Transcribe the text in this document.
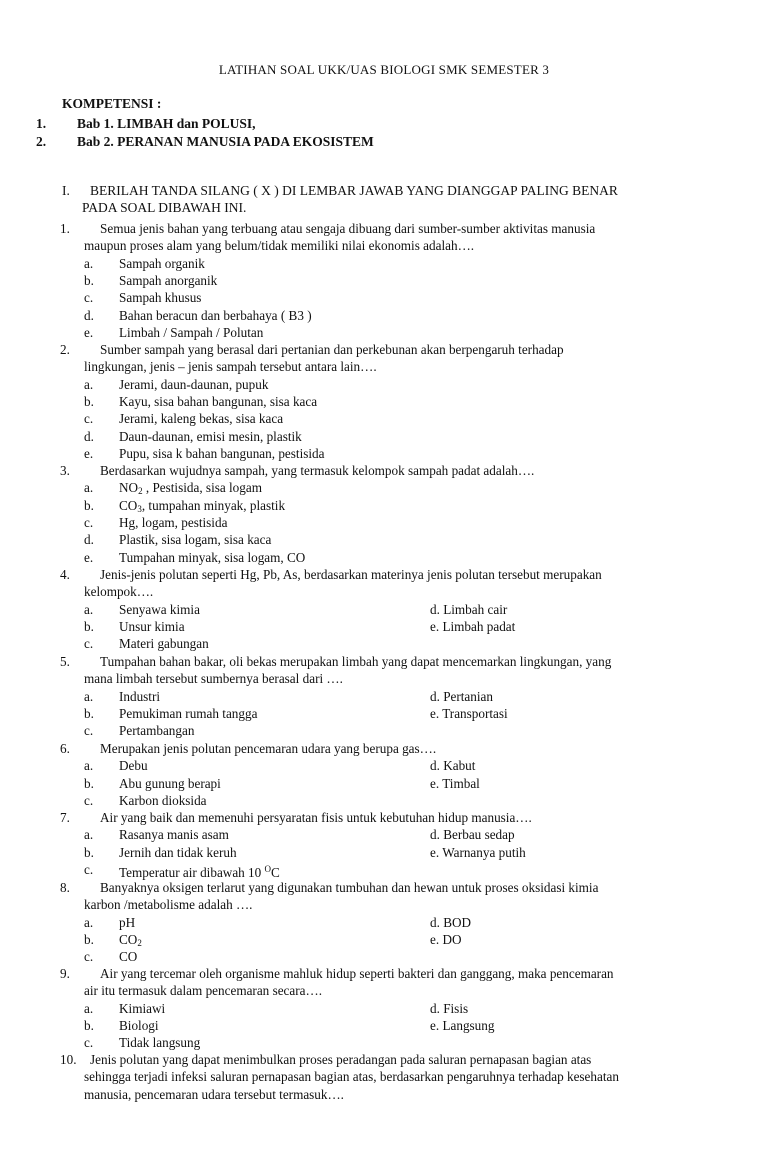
LATIHAN SOAL UKK/UAS BIOLOGI SMK SEMESTER 3
KOMPETENSI :
1. Bab 1. LIMBAH dan POLUSI,
2. Bab 2. PERANAN MANUSIA PADA EKOSISTEM
I. BERILAH TANDA SILANG ( X ) DI LEMBAR JAWAB YANG DIANGGAP PALING BENAR
PADA SOAL DIBAWAH INI.
1. Semua jenis bahan yang terbuang atau sengaja dibuang dari sumber-sumber aktivitas manusia
maupun proses alam yang belum/tidak memiliki nilai ekonomis adalah….
a. Sampah organik
b. Sampah anorganik
c. Sampah khusus
d. Bahan beracun dan berbahaya ( B3 )
e. Limbah / Sampah / Polutan
2. Sumber sampah yang berasal dari pertanian dan perkebunan akan berpengaruh terhadap
lingkungan, jenis – jenis sampah tersebut antara lain….
a. Jerami, daun-daunan, pupuk
b. Kayu, sisa bahan bangunan, sisa kaca
c. Jerami, kaleng bekas, sisa kaca
d. Daun-daunan, emisi mesin, plastik
e. Pupu, sisa k bahan bangunan, pestisida
3. Berdasarkan wujudnya sampah, yang termasuk kelompok sampah padat adalah….
a. $NO_2$ , Pestisida, sisa logam
b. $CO_3$, tumpahan minyak, plastik
c. Hg, logam, pestisida
d. Plastik, sisa logam, sisa kaca
e. Tumpahan minyak, sisa logam, CO
4. Jenis-jenis polutan seperti Hg, Pb, As, berdasarkan materinya jenis polutan tersebut merupakan
kelompok….
a. Senyawa kimia	d. Limbah cair
b. Unsur kimia	e. Limbah padat
c. Materi gabungan
5. Tumpahan bahan bakar, oli bekas merupakan limbah yang dapat mencemarkan lingkungan, yang
mana limbah tersebut sumbernya berasal dari ….
a. Industri	d. Pertanian
b. Pemukiman rumah tangga	e. Transportasi
c. Pertambangan
6. Merupakan jenis polutan pencemaran udara yang berupa gas….
a. Debu	d. Kabut
b. Abu gunung berapi	e. Timbal
c. Karbon dioksida
7. Air yang baik dan memenuhi persyaratan fisis untuk kebutuhan hidup manusia….
a. Rasanya manis asam	d. Berbau sedap
b. Jernih dan tidak keruh	e. Warnanya putih
c. Temperatur air dibawah 10 $^O$C
8. Banyaknya oksigen terlarut yang digunakan tumbuhan dan hewan untuk proses oksidasi kimia
karbon /metabolisme adalah ….
a. pH	d. BOD
b. $CO_2$	e. DO
c. CO
9. Air yang tercemar oleh organisme mahluk hidup seperti bakteri dan ganggang, maka pencemaran
air itu termasuk dalam pencemaran secara….
a. Kimiawi	d. Fisis
b. Biologi	e. Langsung
c. Tidak langsung
10. Jenis polutan yang dapat menimbulkan proses peradangan pada saluran pernapasan bagian atas
sehingga terjadi infeksi saluran pernapasan bagian atas, berdasarkan pengaruhnya terhadap kesehatan
manusia, pencemaran udara tersebut termasuk….
